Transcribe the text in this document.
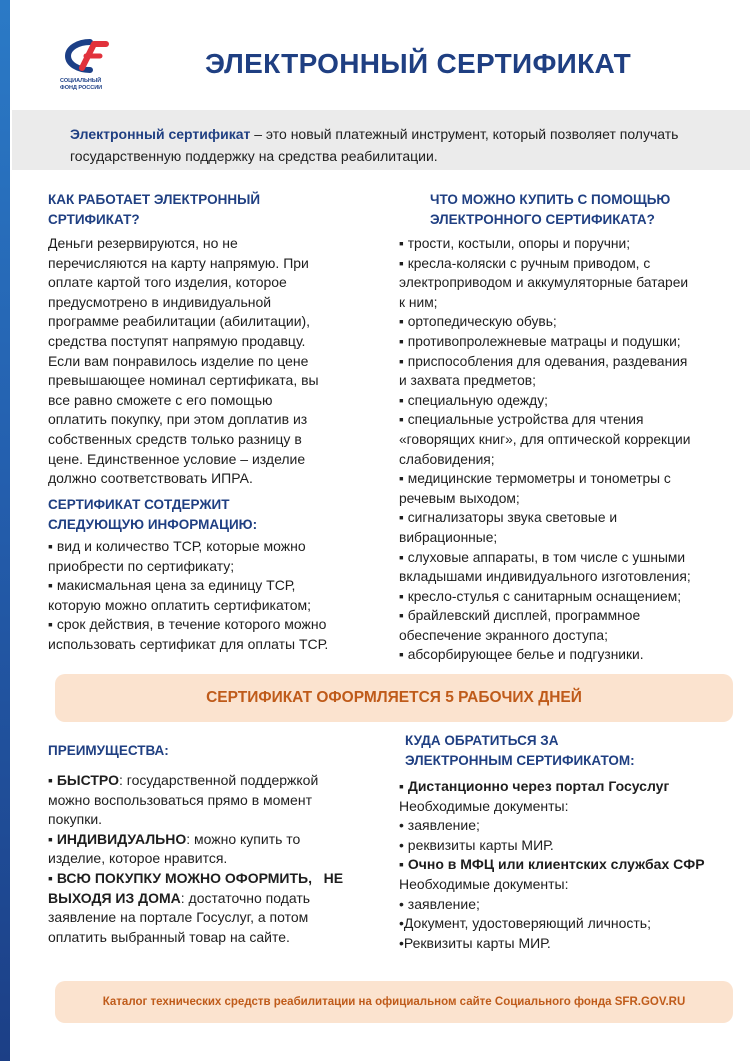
СОЦИАЛЬНЫЙ
ФОНД РОССИИ
ЭЛЕКТРОННЫЙ СЕРТИФИКАТ
Электронный сертификат – это новый платежный инструмент, который позволяет получать государственную поддержку на средства реабилитации.
КАК РАБОТАЕТ ЭЛЕКТРОННЫЙ
СРТИФИКАТ?

Деньги резервируются, но не

перечисляются на карту напрямую. При

оплате картой того изделия, которое

предусмотрено в индивидуальной

программе реабилитации (абилитации),

средства поступят напрямую продавцу.

Если вам понравилось изделие по цене

превышающее номинал сертификата, вы

все равно сможете с его помощью

оплатить покупку, при этом доплатив из

собственных средств только разницу в

цене. Единственное условие – изделие

должно соответствовать ИПРА.

СЕРТИФИКАТ СОТДЕРЖИТ
СЛЕДУЮЩУЮ ИНФОРМАЦИЮ:

▪ вид и количество ТСР, которые можно

приобрести по сертификату;

▪ макисмальная цена за единицу ТСР,

которую можно оплатить сертификатом;

▪ срок действия, в течение которого можно

использовать сертификат для оплаты ТСР.

ЧТО МОЖНО КУПИТЬ С ПОМОЩЬЮ
ЭЛЕКТРОННОГО СЕРТИФИКАТА?

▪ трости, костыли, опоры и поручни;

▪ кресла-коляски с ручным приводом, с

электроприводом и аккумуляторные батареи

к ним;

▪ ортопедическую обувь;

▪ противопролежневые матрацы и подушки;

▪ приспособления для одевания, раздевания

и захвата предметов;

▪ специальную одежду;

▪ специальные устройства для чтения

«говорящих книг», для оптической коррекции

слабовидения;

▪ медицинские термометры и тонометры с

речевым выходом;

▪ сигнализаторы звука световые и

вибрационные;

▪ слуховые аппараты, в том числе с ушными

вкладышами индивидуального изготовления;

▪ кресло-стулья с санитарным оснащением;

▪ брайлевский дисплей, программное

обеспечение экранного доступа;

▪ абсорбирующее белье и подгузники.

СЕРТИФИКАТ ОФОРМЛЯЕТСЯ 5 РАБОЧИХ ДНЕЙ
ПРЕИМУЩЕСТВА:

▪ БЫСТРО: государственной поддержкой

можно воспользоваться прямо в момент

покупки.

▪ ИНДИВИДУАЛЬНО: можно купить то

изделие, которое нравится.

▪ ВСЮ ПОКУПКУ МОЖНО ОФОРМИТЬ,   НЕ

ВЫХОДЯ ИЗ ДОМА: достаточно подать

заявление на портале Госуслуг, а потом

оплатить выбранный товар на сайте.

КУДА ОБРАТИТЬСЯ ЗА
ЭЛЕКТРОННЫМ СЕРТИФИКАТОМ:

▪ Дистанционно через портал Госуслуг

Необходимые документы:

• заявление;

• реквизиты карты МИР.

▪ Очно в МФЦ или клиентских службах СФР

Необходимые документы:

• заявление;

•Документ, удостоверяющий личность;

•Реквизиты карты МИР.

Каталог технических средств реабилитации на официальном сайте Социального фонда SFR.GOV.RU
